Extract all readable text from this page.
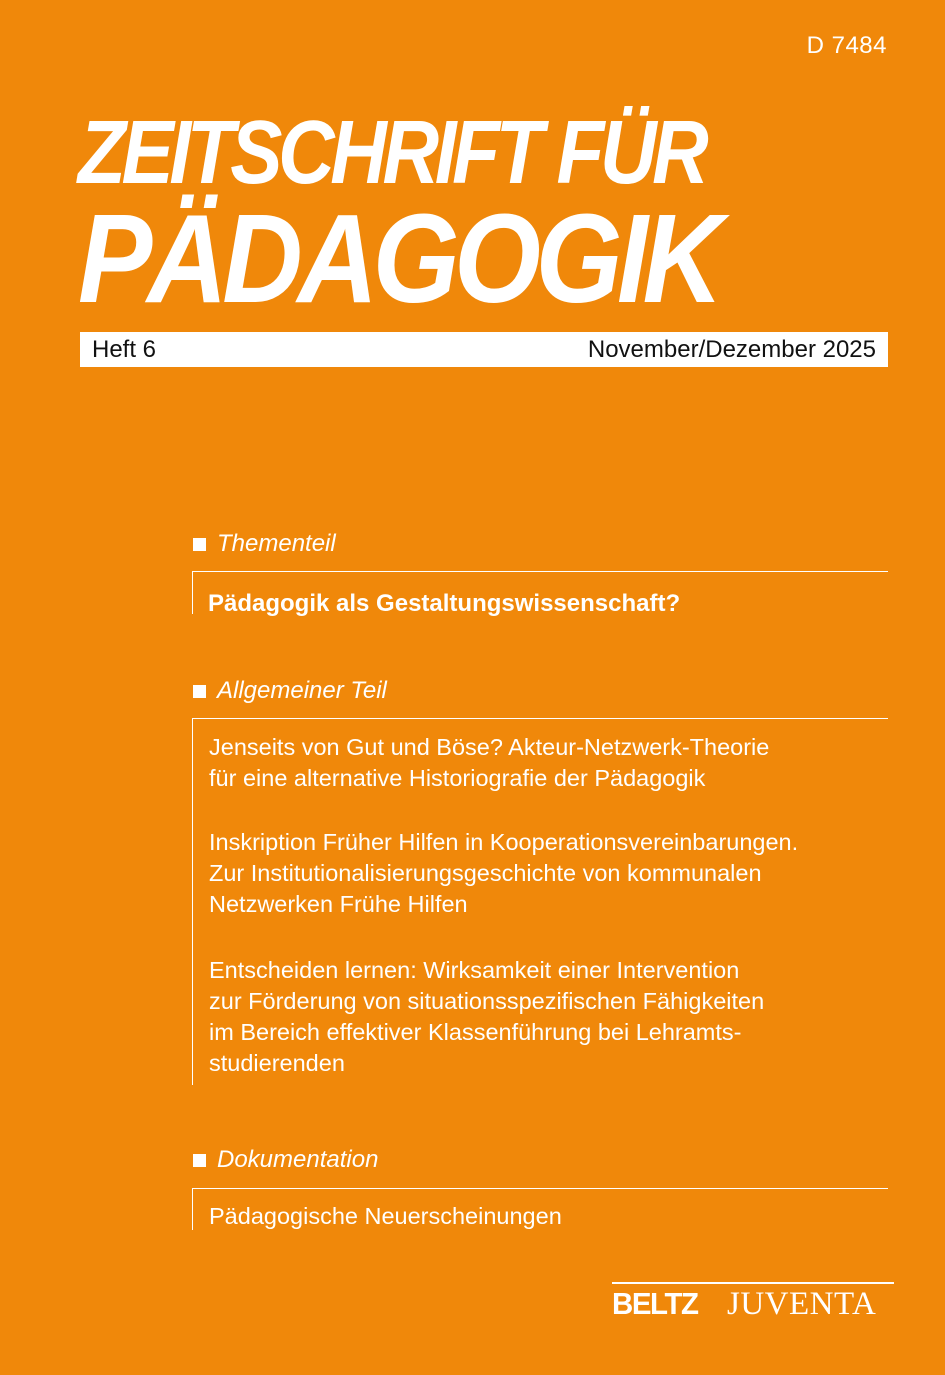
D 7484
ZEITSCHRIFT FÜR
PÄDAGOGIK
Heft 6	November/Dezember 2025
Thementeil
Pädagogik als Gestaltungswissenschaft?
Allgemeiner Teil
Jenseits von Gut und Böse? Akteur-Netzwerk-Theorie
für eine alternative Historiografie der Pädagogik
Inskription Früher Hilfen in Kooperationsvereinbarungen.
Zur Institutionalisierungsgeschichte von kommunalen
Netzwerken Frühe Hilfen
Entscheiden lernen: Wirksamkeit einer Intervention
zur Förderung von situationsspezifischen Fähigkeiten
im Bereich effektiver Klassenführung bei Lehramts-
studierenden
Dokumentation
Pädagogische Neuerscheinungen
BELTZ JUVENTA
